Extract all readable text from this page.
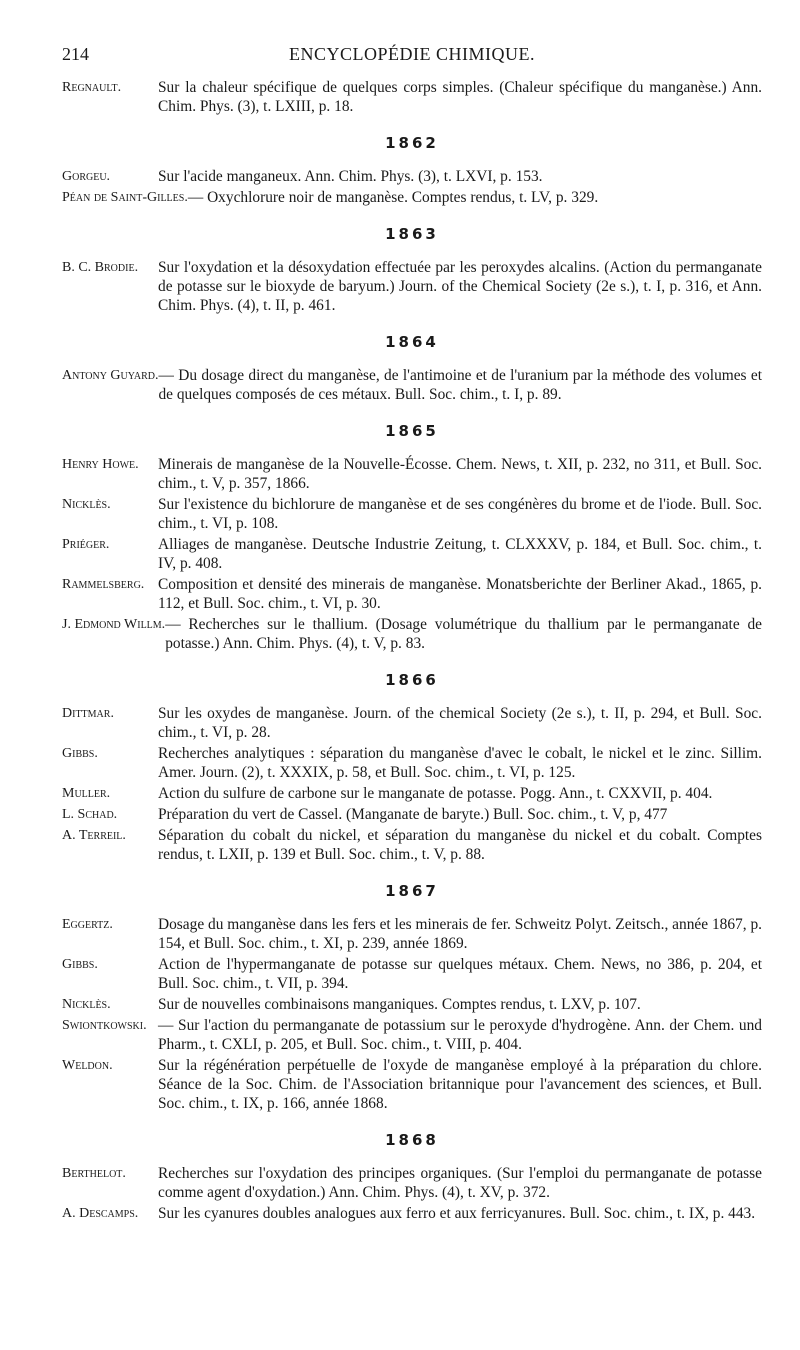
214	ENCYCLOPÉDIE CHIMIQUE.
Regnault.	Sur la chaleur spécifique de quelques corps simples. (Chaleur spécifique du manganèse.) Ann. Chim. Phys. (3), t. LXIII, p. 18.
1862
Gorgeu.	Sur l'acide manganeux. Ann. Chim. Phys. (3), t. LXVI, p. 153.
Péan de Saint-Gilles. — Oxychlorure noir de manganèse. Comptes rendus, t. LV, p. 329.
1863
B. C. Brodie.	Sur l'oxydation et la désoxydation effectuée par les peroxydes alcalins. (Action du permanganate de potasse sur le bioxyde de baryum.) Journ. of the Chemical Society (2e s.), t. I, p. 316, et Ann. Chim. Phys. (4), t. II, p. 461.
1864
Antony Guyard. — Du dosage direct du manganèse, de l'antimoine et de l'uranium par la méthode des volumes et de quelques composés de ces métaux. Bull. Soc. chim., t. I, p. 89.
1865
Henry Howe.	Minerais de manganèse de la Nouvelle-Écosse. Chem. News, t. XII, p. 232, no 311, et Bull. Soc. chim., t. V, p. 357, 1866.
Nicklès.	Sur l'existence du bichlorure de manganèse et de ses congénères du brome et de l'iode. Bull. Soc. chim., t. VI, p. 108.
Priéger.	Alliages de manganèse. Deutsche Industrie Zeitung, t. CLXXXV, p. 184, et Bull. Soc. chim., t. IV, p. 408.
Rammelsberg. Composition et densité des minerais de manganèse. Monatsberichte der Berliner Akad., 1865, p. 112, et Bull. Soc. chim., t. VI, p. 30.
J. Edmond Willm. — Recherches sur le thallium. (Dosage volumétrique du thallium par le permanganate de potasse.) Ann. Chim. Phys. (4), t. V, p. 83.
1866
Dittmar.	Sur les oxydes de manganèse. Journ. of the chemical Society (2e s.), t. II, p. 294, et Bull. Soc. chim., t. VI, p. 28.
Gibbs.	Recherches analytiques : séparation du manganèse d'avec le cobalt, le nickel et le zinc. Sillim. Amer. Journ. (2), t. XXXIX, p. 58, et Bull. Soc. chim., t. VI, p. 125.
Muller.	Action du sulfure de carbone sur le manganate de potasse. Pogg. Ann., t. CXXVII, p. 404.
L. Schad.	Préparation du vert de Cassel. (Manganate de baryte.) Bull. Soc. chim., t. V, p, 477
A. Terreil.	Séparation du cobalt du nickel, et séparation du manganèse du nickel et du cobalt. Comptes rendus, t. LXII, p. 139 et Bull. Soc. chim., t. V, p. 88.
1867
Eggertz.	Dosage du manganèse dans les fers et les minerais de fer. Schweitz Polyt. Zeitsch., année 1867, p. 154, et Bull. Soc. chim., t. XI, p. 239, année 1869.
Gibbs.	Action de l'hypermanganate de potasse sur quelques métaux. Chem. News, no 386, p. 204, et Bull. Soc. chim., t. VII, p. 394.
Nicklès.	Sur de nouvelles combinaisons manganiques. Comptes rendus, t. LXV, p. 107.
Swiontkowski. — Sur l'action du permanganate de potassium sur le peroxyde d'hydrogène. Ann. der Chem. und Pharm., t. CXLI, p. 205, et Bull. Soc. chim., t. VIII, p. 404.
Weldon.	Sur la régénération perpétuelle de l'oxyde de manganèse employé à la préparation du chlore. Séance de la Soc. Chim. de l'Association britannique pour l'avancement des sciences, et Bull. Soc. chim., t. IX, p. 166, année 1868.
1868
Berthelot.	Recherches sur l'oxydation des principes organiques. (Sur l'emploi du permanganate de potasse comme agent d'oxydation.) Ann. Chim. Phys. (4), t. XV, p. 372.
A. Descamps.	Sur les cyanures doubles analogues aux ferro et aux ferricyanures. Bull. Soc. chim., t. IX, p. 443.
